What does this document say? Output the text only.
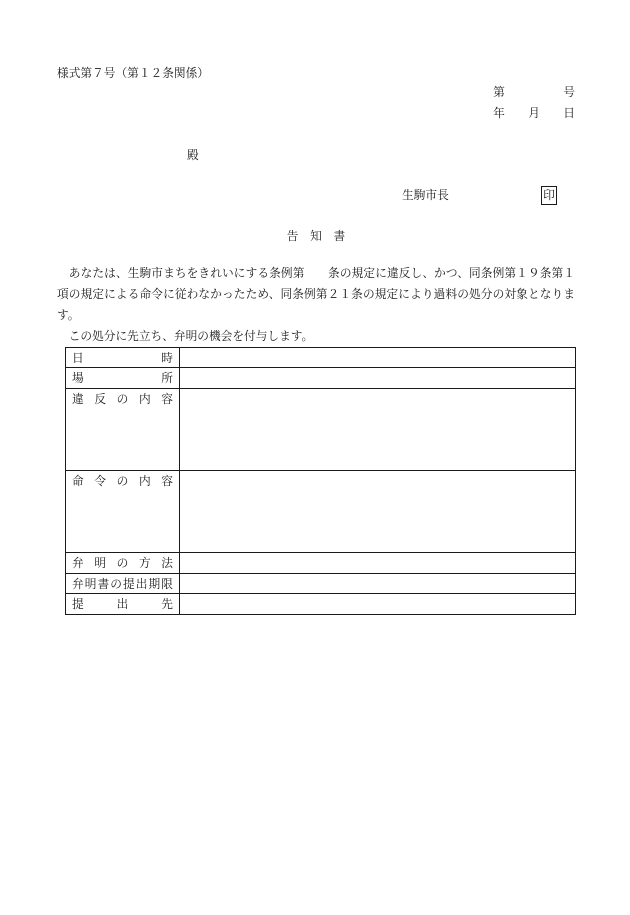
様式第７号（第１２条関係）
第　　　　　号
年　　月　　日
殿
生駒市長	印
告　知　書
　あなたは、生駒市まちをきれいにする条例第　　条の規定に違反し、かつ、同条例第１９条第１
項の規定による命令に従わなかったため、同条例第２１条の規定により過料の処分の対象となりま
す。
　この処分に先立ち、弁明の機会を付与します。
日時	

場所	

違反の内容	

命令の内容	

弁明の方法	

弁明書の提出期限	

提出先	
